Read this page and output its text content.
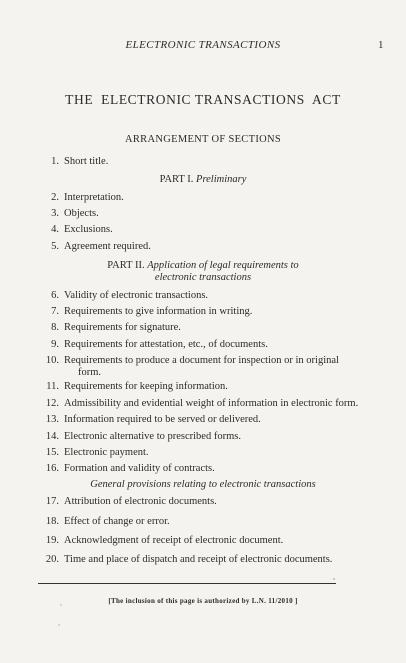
ELECTRONIC TRANSACTIONS	1
THE  ELECTRONIC TRANSACTIONS  ACT
ARRANGEMENT OF SECTIONS
1. Short title.
PART I. Preliminary
2. Interpretation.
3. Objects.
4. Exclusions.
5. Agreement required.
PART II. Application of legal requirements to
electronic transactions
6. Validity of electronic transactions.
7. Requirements to give information in writing.
8. Requirements for signature.
9. Requirements for attestation, etc., of documents.
10. Requirements to produce a document for inspection or in original
form.
11. Requirements for keeping information.
12. Admissibility and evidential weight of information in electronic form.
13. Information required to be served or delivered.
14. Electronic alternative to prescribed forms.
15. Electronic payment.
16. Formation and validity of contracts.
General provisions relating to electronic transactions
17. Attribution of electronic documents.
18. Effect of change or error.
19. Acknowledgment of receipt of electronic document.
20. Time and place of dispatch and receipt of electronic documents.
[The inclusion of this page is authorized by L.N. 11/2010 ]
